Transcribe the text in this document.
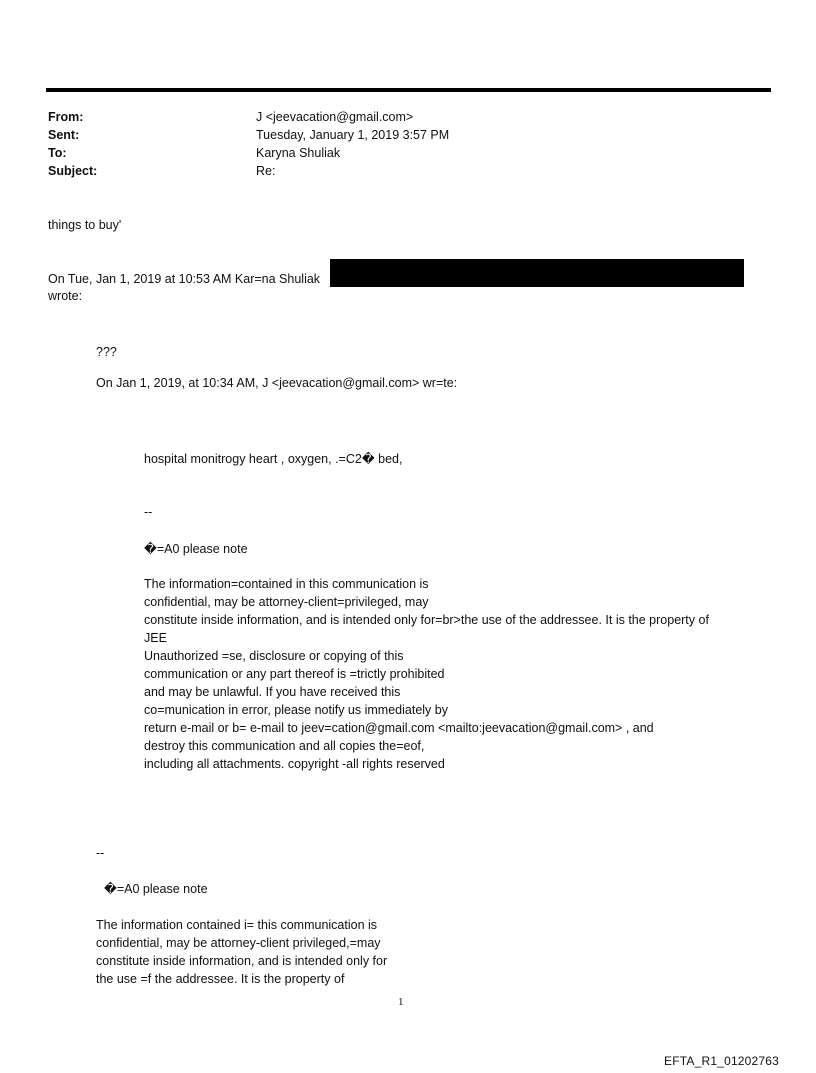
From:	J <jeevacation@gmail.com>
Sent:	Tuesday, January 1, 2019 3:57 PM
To:	Karyna Shuliak
Subject:	Re:
things to buy'
On Tue, Jan 1, 2019 at 10:53 AM Kar=na Shuliak
wrote:
???
On Jan 1, 2019, at 10:34 AM, J <jeevacation@gmail.com> wr=te:
hospital monitrogy heart , oxygen, .=C2� bed,
--
�=A0 please note
The information=contained in this communication is
confidential, may be attorney-client=privileged, may
constitute inside information, and is intended only for=br>the use of the addressee. It is the property of
JEE
Unauthorized =se, disclosure or copying of this
communication or any part thereof is =trictly prohibited
and may be unlawful. If you have received this
co=munication in error, please notify us immediately by
return e-mail or b= e-mail to jeev=cation@gmail.com <mailto:jeevacation@gmail.com> , and
destroy this communication and all copies the=eof,
including all attachments. copyright -all rights reserved
--
�=A0 please note
The information contained i= this communication is
confidential, may be attorney-client privileged,=may
constitute inside information, and is intended only for
the use =f the addressee. It is the property of
1
EFTA_R1_01202763
